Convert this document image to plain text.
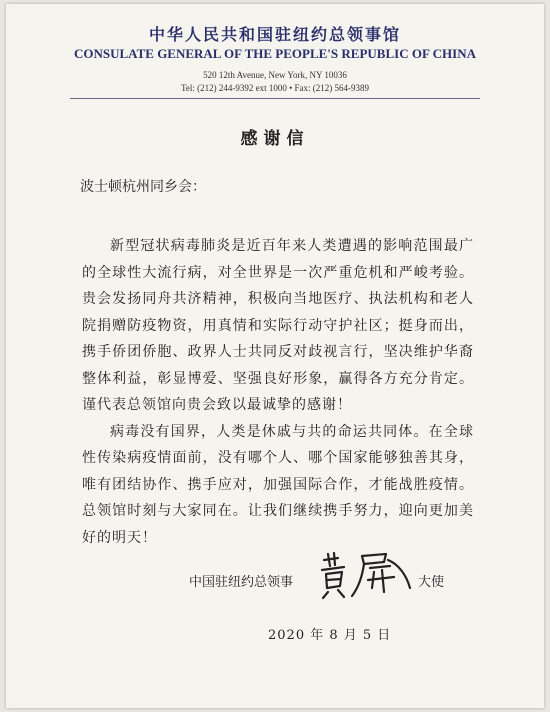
中华人民共和国驻纽约总领事馆
CONSULATE GENERAL OF THE PEOPLE'S REPUBLIC OF CHINA
520 12th Avenue, New York, NY 10036
Tel: (212) 244-9392 ext 1000 • Fax: (212) 564-9389
感谢信
波士顿杭州同乡会：

新型冠状病毒肺炎是近百年来人类遭遇的影响范围最广的全球性大流行病，对全世界是一次严重危机和严峻考验。贵会发扬同舟共济精神，积极向当地医疗、执法机构和老人院捐赠防疫物资，用真情和实际行动守护社区；挺身而出，携手侨团侨胞、政界人士共同反对歧视言行，坚决维护华裔整体利益，彰显博爱、坚强良好形象，赢得各方充分肯定。谨代表总领馆向贵会致以最诚挚的感谢！

病毒没有国界，人类是休戚与共的命运共同体。在全球性传染病疫情面前，没有哪个人、哪个国家能够独善其身，唯有团结协作、携手应对，加强国际合作，才能战胜疫情。总领馆时刻与大家同在。让我们继续携手努力，迎向更加美好的明天！

中国驻纽约总领事	大使
2020 年 8 月 5 日
